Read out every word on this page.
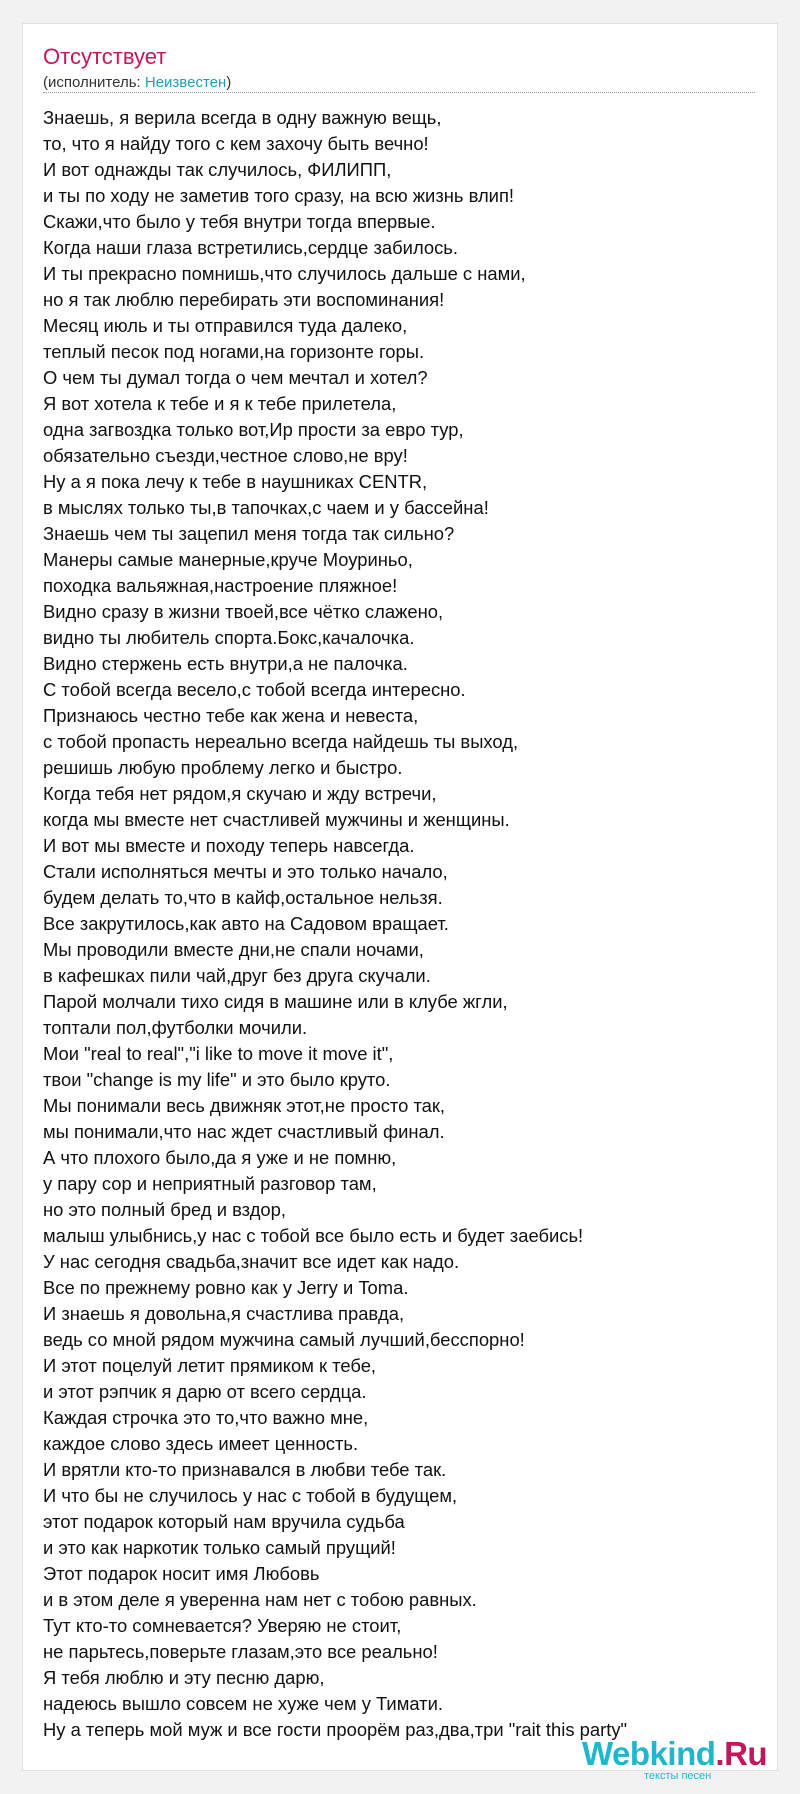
Отсутствует
(исполнитель: Неизвестен)
Знаешь, я верила всегда в одну важную вещь,
то, что я найду того с кем захочу быть вечно!
И вот однажды так случилось, ФИЛИПП,
и ты по ходу не заметив того сразу, на всю жизнь влип!
Скажи,что было у тебя внутри тогда впервые.
Когда наши глаза встретились,сердце забилось.
И ты прекрасно помнишь,что случилось дальше с нами,
но я так люблю перебирать эти воспоминания!
Месяц июль и ты отправился туда далеко,
теплый песок под ногами,на горизонте горы.
О чем ты думал тогда о чем мечтал и хотел?
Я вот хотела к тебе и я к тебе прилетела,
одна загвоздка только вот,Ир прости за евро тур,
обязательно съезди,честное слово,не вру!
Ну а я пока лечу к тебе в наушниках CENTR,
в мыслях только ты,в тапочках,с чаем и у бассейна!
Знаешь чем ты зацепил меня тогда так сильно?
Манеры самые манерные,круче Моуриньо,
походка вальяжная,настроение пляжное!
Видно сразу в жизни твоей,все чётко слажено,
видно ты любитель спорта.Бокс,качалочка.
Видно стержень есть внутри,а не палочка.
С тобой всегда весело,с тобой всегда интересно.
Признаюсь честно тебе как жена и невеста,
с тобой пропасть нереально всегда найдешь ты выход,
решишь любую проблему легко и быстро.
Когда тебя нет рядом,я скучаю и жду встречи,
когда мы вместе нет счастливей мужчины и женщины.
И вот мы вместе и походу теперь навсегда.
Стали исполняться мечты и это только начало,
будем делать то,что в кайф,остальное нельзя.
Все закрутилось,как авто на Садовом вращает.
Мы проводили вместе дни,не спали ночами,
в кафешках пили чай,друг без друга скучали.
Парой молчали тихо сидя в машине или в клубе жгли,
топтали пол,футболки мочили.
Мои "real to real","i like to move it move it",
твои "change is my life" и это было круто.
Мы понимали весь движняк этот,не просто так,
мы понимали,что нас ждет счастливый финал.
А что плохого было,да я уже и не помню,
у пару сор и неприятный разговор там,
но это полный бред и вздор,
малыш улыбнись,у нас с тобой все было есть и будет заебись!
У нас сегодня свадьба,значит все идет как надо.
Все по прежнему ровно как у Jerry и Toma.
И знаешь я довольна,я счастлива правда,
ведь со мной рядом мужчина самый лучший,бесспорно!
И этот поцелуй летит прямиком к тебе,
и этот рэпчик я дарю от всего сердца.
Каждая строчка это то,что важно мне,
каждое слово здесь имеет ценность.
И врятли кто-то признавался в любви тебе так.
И что бы не случилось у нас с тобой в будущем,
этот подарок который нам вручила судьба
и это как наркотик только самый прущий!
Этот подарок носит имя Любовь
и в этом деле я уверенна нам нет с тобою равных.
Тут кто-то сомневается? Уверяю не стоит,
не парьтесь,поверьте глазам,это все реально!
Я тебя люблю и эту песню дарю,
надеюсь вышло совсем не хуже чем у Тимати.
Ну а теперь мой муж и все гости проорём раз,два,три "rait this party"
Webkind.Ru
тексты песен
